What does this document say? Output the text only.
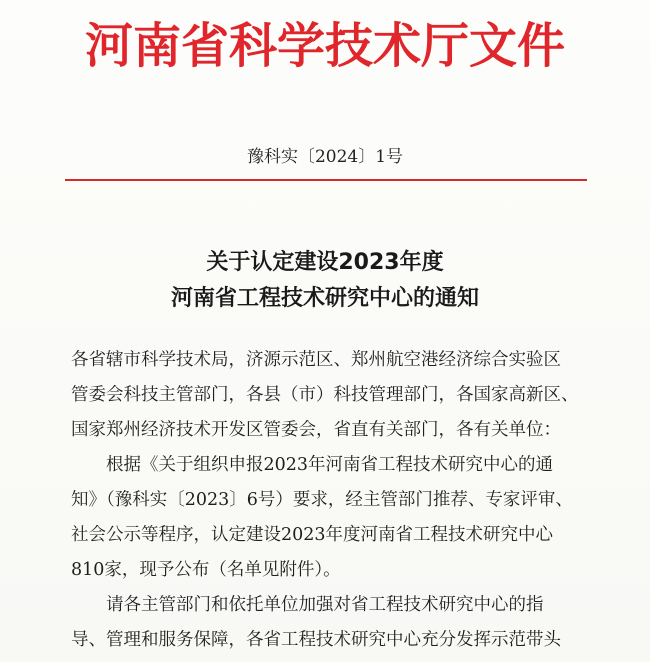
河南省科学技术厅文件
豫科实〔2024〕1号
关于认定建设2023年度
河南省工程技术研究中心的通知
各省辖市科学技术局，济源示范区、郑州航空港经济综合实验区
管委会科技主管部门，各县（市）科技管理部门，各国家高新区、
国家郑州经济技术开发区管委会，省直有关部门，各有关单位：
　　根据《关于组织申报2023年河南省工程技术研究中心的通
知》（豫科实〔2023〕6号）要求，经主管部门推荐、专家评审、
社会公示等程序，认定建设2023年度河南省工程技术研究中心
810家，现予公布（名单见附件）。
　　请各主管部门和依托单位加强对省工程技术研究中心的指
导、管理和服务保障，各省工程技术研究中心充分发挥示范带头
